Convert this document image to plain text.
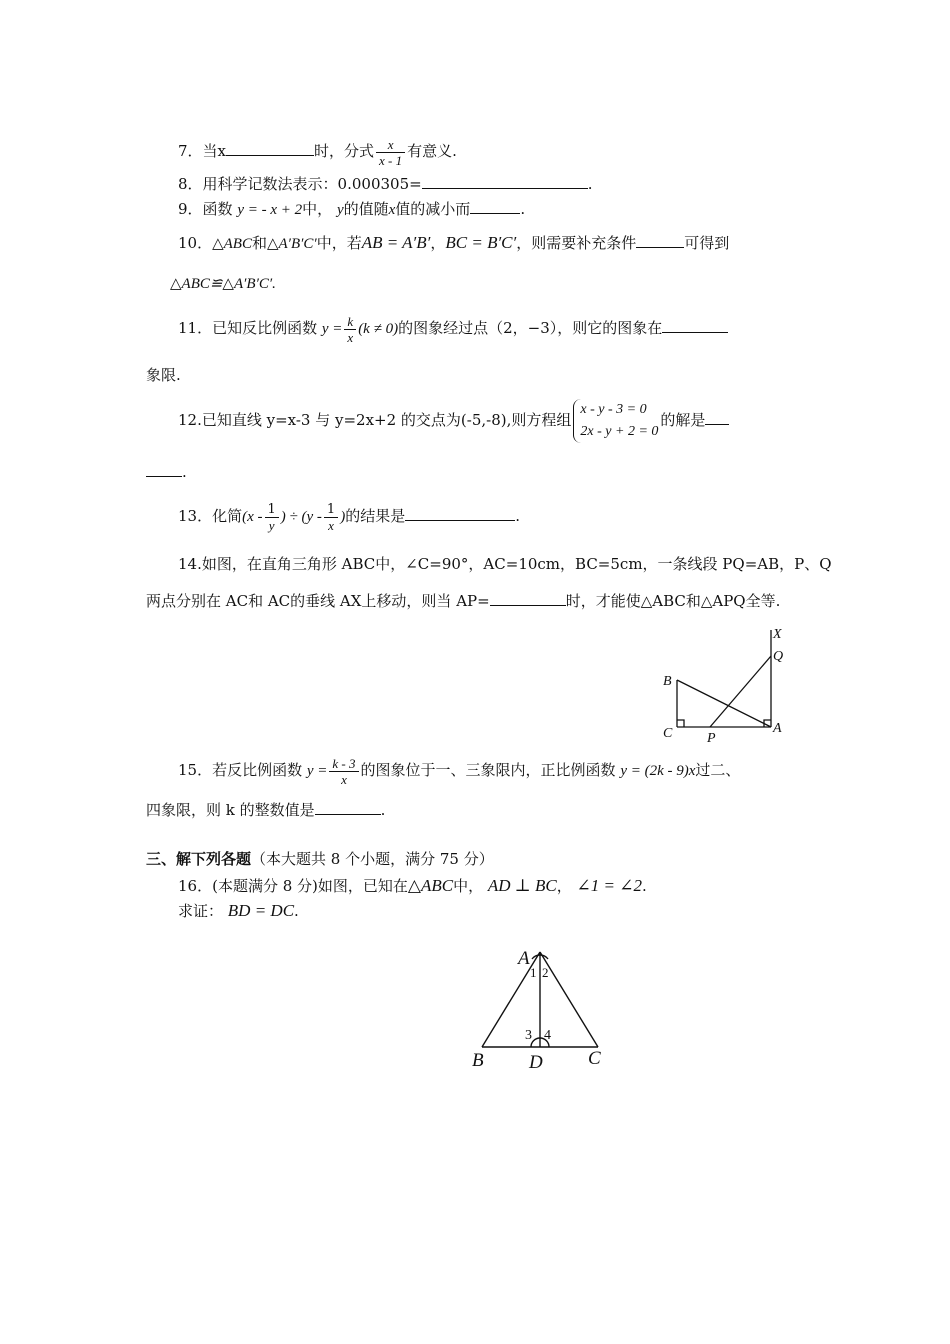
7．当x	时，分式 $\frac{x}{x - 1}$ 有意义.
8．用科学记数法表示：0.000305=	.
9．函数 y = - x + 2中， y的值随x值的减小而	.
10．△ABC和△A′B′C′中，若AB = A′B′，BC = B′C′，则需要补充条件	可得到
△ABC≌△A′B′C′.
11．已知反比例函数 $y = \frac{k}{x} (k \ne 0)$的图象经过点（2，−3），则它的图象在
象限.
12.已知直线 y=x-3 与 y=2x+2 的交点为(-5,-8),则方程组
x - y - 3 = 0
2x - y + 2 = 0
的解是
.
13．化简($x - \frac{1}{y}$ ) ÷ ($y - \frac{1}{x}$ )的结果是	.
14.如图，在直角三角形 ABC中，∠C=90°，AC=10cm，BC=5cm，一条线段 PQ=AB，P、Q
两点分别在 AC和 AC的垂线 AX上移动，则当 AP=	时，才能使△ABC和△APQ全等.
X
Q
B
C P
A
15．若反比例函数 $y = \frac{k - 3}{x}$ 的图象位于一、三象限内，正比例函数 y = (2k - 9)x过二、
四象限，则 k 的整数值是	.
三、解下列各题（本大题共 8 个小题，满分 75 分）
16．(本题满分 8 分)如图，已知在△ABC中， AD ⊥ BC， ∠1 = ∠2.
求证： BD = DC.
A
1 2
3 4
B D C
